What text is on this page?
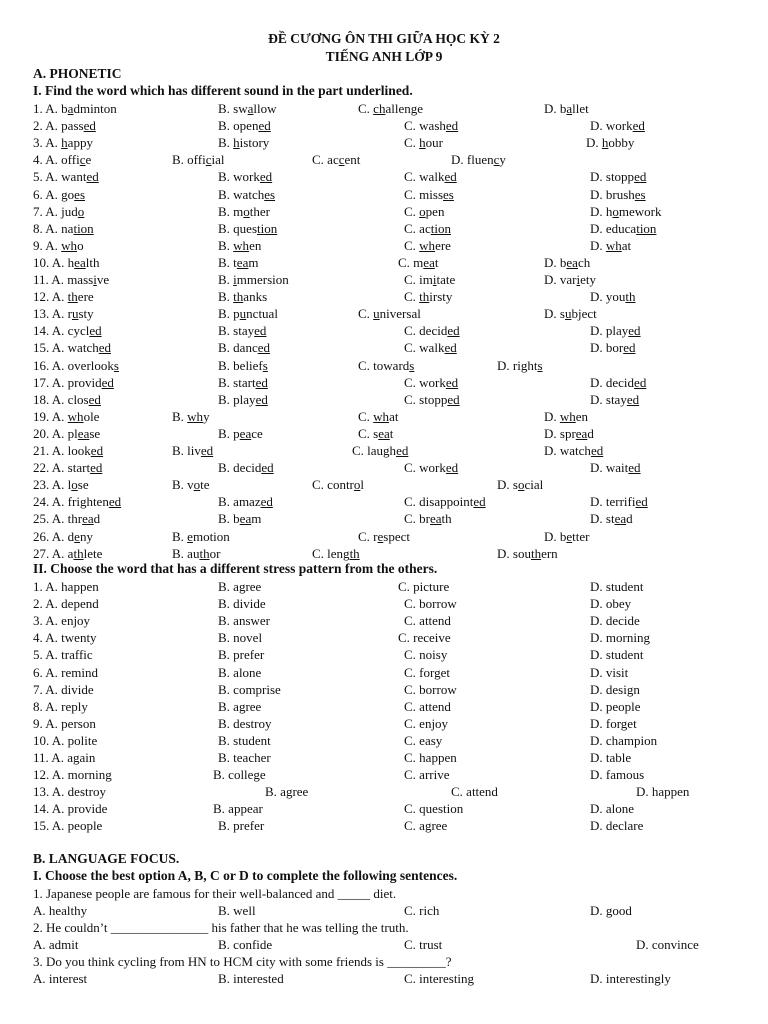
ĐỀ CƯƠNG ÔN THI GIỮA HỌC KỲ 2
TIẾNG ANH LỚP 9
A. PHONETIC
I. Find the word which has different sound in the part underlined.
1. A. badminton	B. swallow	C. challenge	D. ballet
2. A. passed	B. opened	C. washed	D. worked
3. A. happy	B. history	C. hour	D. hobby
4. A. office	B. official	C. accent	D. fluency
5. A. wanted	B. worked	C. walked	D. stopped
6. A. goes	B. watches	C. misses	D. brushes
7. A. judo	B. mother	C. open	D. homework
8. A. nation	B. question	C. action	D. education
9. A. who	B. when	C. where	D. what
10. A. health	B. team	C. meat	D. beach
11. A. massive	B. immersion	C. imitate	D. variety
12. A. there	B. thanks	C. thirsty	D. youth
13. A. rusty	B. punctual	C. universal	D. subject
14. A. cycled	B. stayed	C. decided	D. played
15. A. watched	B. danced	C. walked	D. bored
16. A. overlooks	B. beliefs	C. towards	D. rights
17. A. provided	B. started	C. worked	D. decided
18. A. closed	B. played	C. stopped	D. stayed
19. A. whole	B. why	C. what	D. when
20. A. please	B. peace	C. seat	D. spread
21. A. looked	B. lived	C. laughed	D. watched
22. A. started	B. decided	C. worked	D. waited
23. A. lose	B. vote	C. control	D. social
24. A. frightened	B. amazed	C. disappointed	D. terrified
25. A. thread	B. beam	C. breath	D. stead
26. A. deny	B. emotion	C. respect	D. better
27. A. athlete	B. author	C. length	D. southern
II. Choose the word that has a different stress pattern from the others.
1. A. happen	B. agree	C. picture	D. student
2. A. depend	B. divide	C. borrow	D. obey
3. A. enjoy	B. answer	C. attend	D. decide
4. A. twenty	B. novel	C. receive	D. morning
5. A. traffic	B. prefer	C. noisy	D. student
6. A. remind	B. alone	C. forget	D. visit
7. A. divide	B. comprise	C. borrow	D. design
8. A. reply	B. agree	C. attend	D. people
9. A. person	B. destroy	C. enjoy	D. forget
10. A. polite	B. student	C. easy	D. champion
11. A. again	B. teacher	C. happen	D. table
12. A. morning	B. college	C. arrive	D. famous
13. A. destroy	B. agree	C. attend	D. happen
14. A. provide	B. appear	C. question	D. alone
15. A. people	B. prefer	C. agree	D. declare
B. LANGUAGE FOCUS.
I. Choose the best option A, B, C or D to complete the following sentences.
1. Japanese people are famous for their well-balanced and _____ diet.
A. healthy	B. well	C. rich	D. good
2. He couldn’t _______________ his father that he was telling the truth.
A. admit	B. confide	C. trust	D. convince
3. Do you think cycling from HN to HCM city with some friends is _________?
A. interest	B. interested	C. interesting	D. interestingly
